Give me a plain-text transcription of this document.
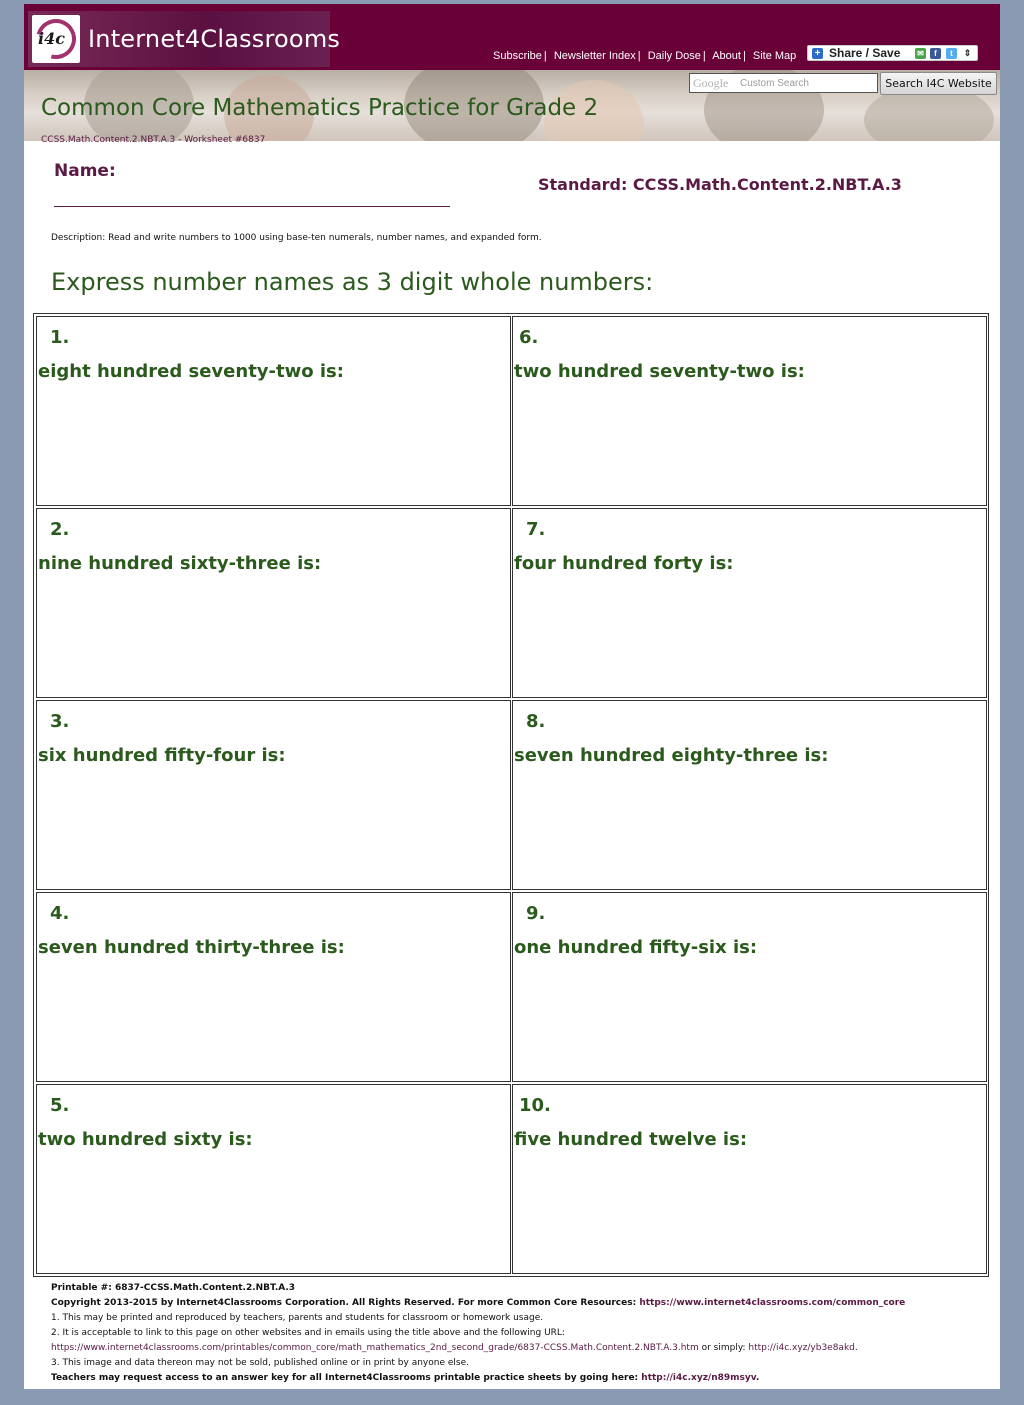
i4c Internet4Classrooms
Subscribe | Newsletter Index | Daily Dose | About | Site Map + Share / Save ✉	f	t	⇕
Google Custom Search	Search I4C Website
Common Core Mathematics Practice for Grade 2
CCSS.Math.Content.2.NBT.A.3 - Worksheet #6837
Name:
Standard: CCSS.Math.Content.2.NBT.A.3
Description: Read and write numbers to 1000 using base-ten numerals, number names, and expanded form.
Express number names as 3 digit whole numbers:
1.
eight hundred seventy-two is:
2.
nine hundred sixty-three is:
3.
six hundred fifty-four is:
4.
seven hundred thirty-three is:
5.
two hundred sixty is:
6.
two hundred seventy-two is:
7.
four hundred forty is:
8.
seven hundred eighty-three is:
9.
one hundred fifty-six is:
10.
five hundred twelve is:
Printable #: 6837-CCSS.Math.Content.2.NBT.A.3
Copyright 2013-2015 by Internet4Classrooms Corporation. All Rights Reserved. For more Common Core Resources: https://www.internet4classrooms.com/common_core
1. This may be printed and reproduced by teachers, parents and students for classroom or homework usage.
2. It is acceptable to link to this page on other websites and in emails using the title above and the following URL:
https://www.internet4classrooms.com/printables/common_core/math_mathematics_2nd_second_grade/6837-CCSS.Math.Content.2.NBT.A.3.htm or simply: http://i4c.xyz/yb3e8akd.
3. This image and data thereon may not be sold, published online or in print by anyone else.
Teachers may request access to an answer key for all Internet4Classrooms printable practice sheets by going here: http://i4c.xyz/n89msyv.
